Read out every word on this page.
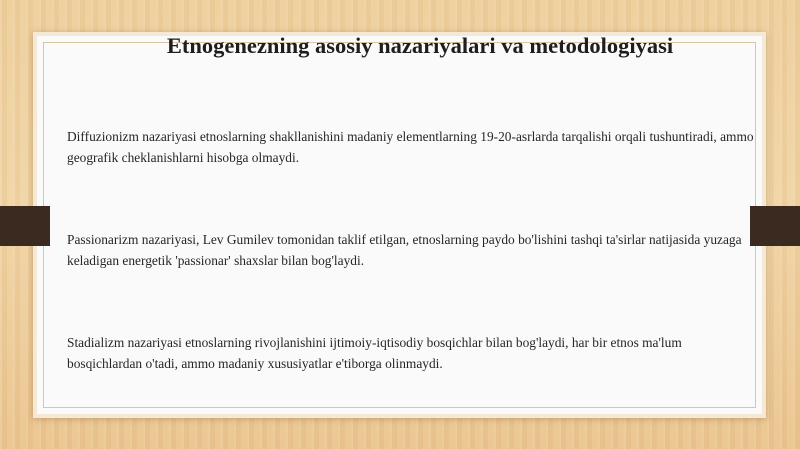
Etnogenezning asosiy nazariyalari va metodologiyasi

Diffuzionizm nazariyasi etnoslarning shakllanishini madaniy elementlarning 19-20-asrlarda tarqalishi orqali tushuntiradi, ammo geografik cheklanishlarni hisobga olmaydi.

Passionarizm nazariyasi, Lev Gumilev tomonidan taklif etilgan, etnoslarning paydo bo'lishini tashqi ta'sirlar natijasida yuzaga keladigan energetik 'passionar' shaxslar bilan bog'laydi.

Stadializm nazariyasi etnoslarning rivojlanishini ijtimoiy-iqtisodiy bosqichlar bilan bog'laydi, har bir etnos ma'lum bosqichlardan o'tadi, ammo madaniy xususiyatlar e'tiborga olinmaydi.
